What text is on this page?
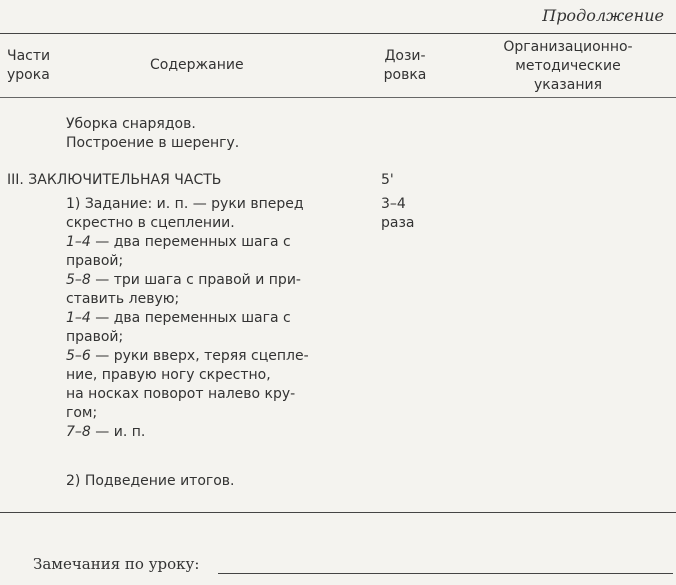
Продолжение
Части
урока
Содержание
Дози-
ровка
Организационно-
методические
указания
Уборка снарядов.
Построение в шеренгу.
III. ЗАКЛЮЧИТЕЛЬНАЯ ЧАСТЬ	5'
1) Задание: и. п. — руки вперед
скрестно в сцеплении.
1–4 — два переменных шага с
правой;
5–8 — три шага с правой и при-
ставить левую;
1–4 — два переменных шага с
правой;
5–6 — руки вверх, теряя сцепле-
ние, правую ногу скрестно,
на носках поворот налево кру-
гом;
7–8 — и. п.
3–4
раза
2) Подведение итогов.
Замечания по уроку:
